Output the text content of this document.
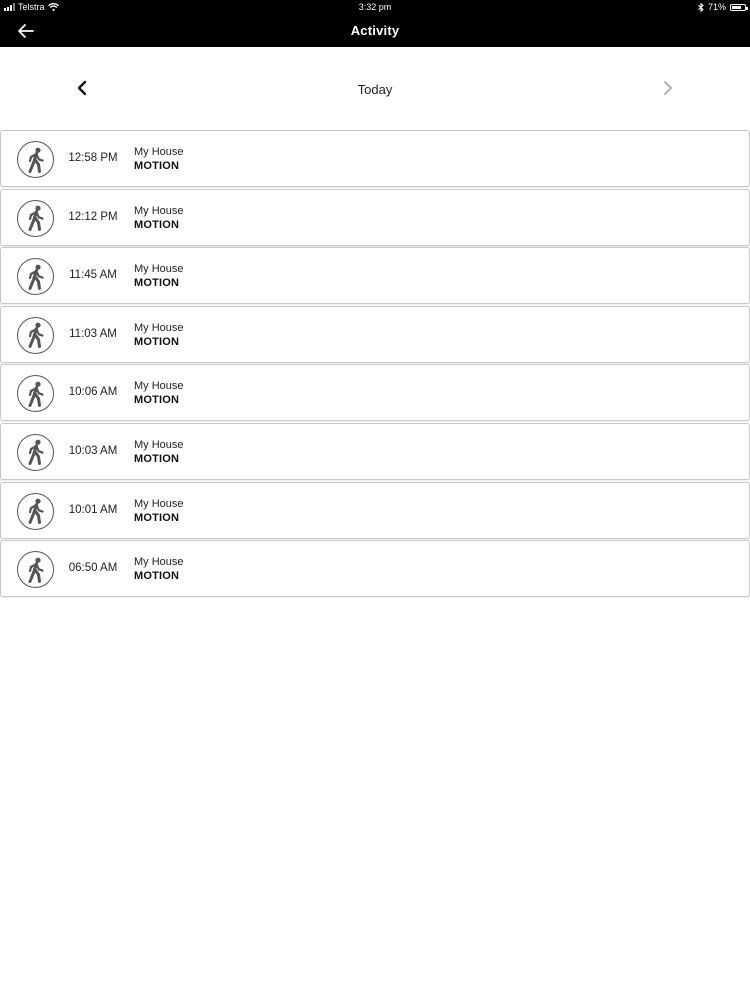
Telstra	3:32 pm	71%
Activity
Today
12:58 PM	My House
MOTION
12:12 PM	My House
MOTION
11:45 AM	My House
MOTION
11:03 AM	My House
MOTION
10:06 AM	My House
MOTION
10:03 AM	My House
MOTION
10:01 AM	My House
MOTION
06:50 AM	My House
MOTION
